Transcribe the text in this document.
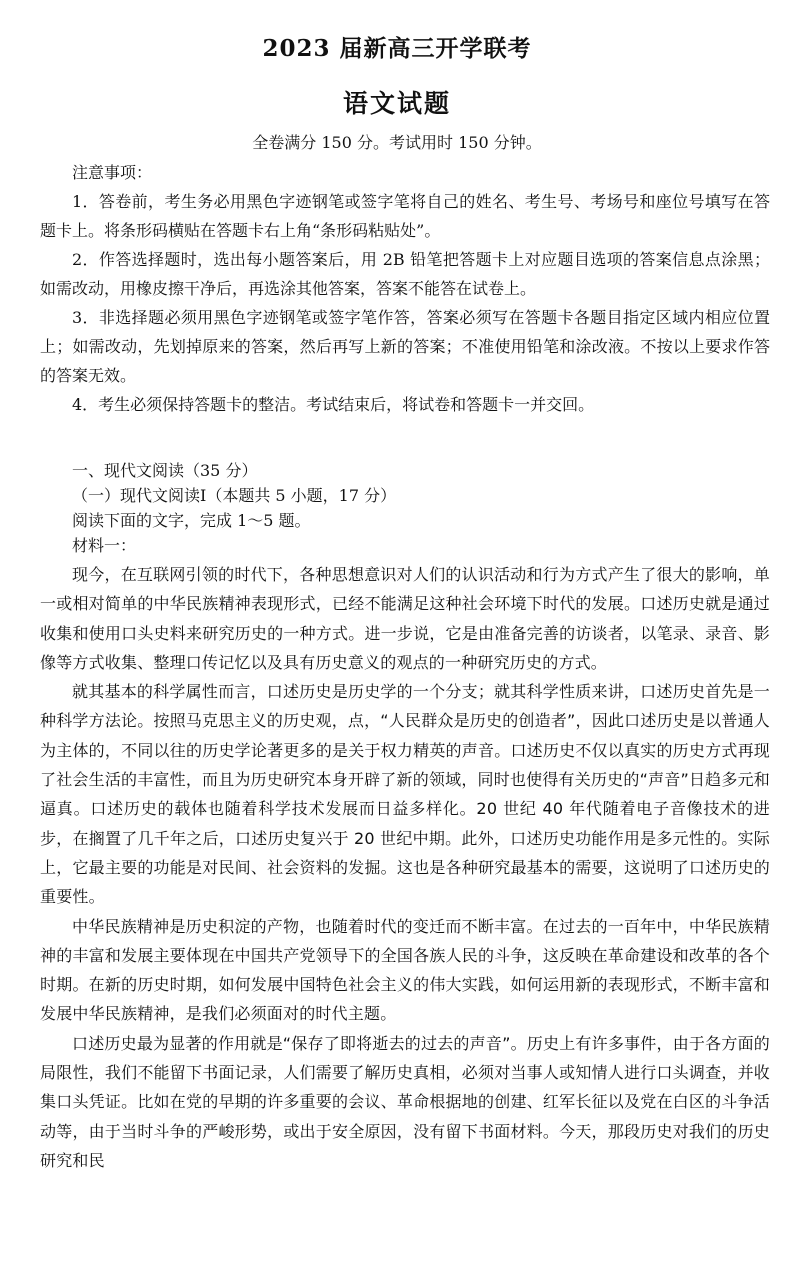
2023 届新高三开学联考
语文试题
全卷满分 150 分。考试用时 150 分钟。

注意事项：

1．答卷前，考生务必用黑色字迹钢笔或签字笔将自己的姓名、考生号、考场号和座位号填写在答题卡上。将条形码横贴在答题卡右上角“条形码粘贴处”。

2．作答选择题时，选出每小题答案后，用 2B 铅笔把答题卡上对应题目选项的答案信息点涂黑；如需改动，用橡皮擦干净后，再选涂其他答案，答案不能答在试卷上。

3．非选择题必须用黑色字迹钢笔或签字笔作答，答案必须写在答题卡各题目指定区域内相应位置上；如需改动，先划掉原来的答案，然后再写上新的答案；不准使用铅笔和涂改液。不按以上要求作答的答案无效。

4．考生必须保持答题卡的整洁。考试结束后，将试卷和答题卡一并交回。

一、现代文阅读（35 分）

（一）现代文阅读Ⅰ（本题共 5 小题，17 分）

阅读下面的文字，完成 1～5 题。

材料一：

现今，在互联网引领的时代下，各种思想意识对人们的认识活动和行为方式产生了很大的影响，单一或相对简单的中华民族精神表现形式，已经不能满足这种社会环境下时代的发展。口述历史就是通过收集和使用口头史料来研究历史的一种方式。进一步说，它是由准备完善的访谈者，以笔录、录音、影像等方式收集、整理口传记忆以及具有历史意义的观点的一种研究历史的方式。

就其基本的科学属性而言，口述历史是历史学的一个分支；就其科学性质来讲，口述历史首先是一种科学方法论。按照马克思主义的历史观，点，“人民群众是历史的创造者”，因此口述历史是以普通人为主体的，不同以往的历史学论著更多的是关于权力精英的声音。口述历史不仅以真实的历史方式再现了社会生活的丰富性，而且为历史研究本身开辟了新的领域，同时也使得有关历史的“声音”日趋多元和逼真。口述历史的载体也随着科学技术发展而日益多样化。20 世纪 40 年代随着电子音像技术的进步，在搁置了几千年之后，口述历史复兴于 20 世纪中期。此外，口述历史功能作用是多元性的。实际上，它最主要的功能是对民间、社会资料的发掘。这也是各种研究最基本的需要，这说明了口述历史的重要性。

中华民族精神是历史积淀的产物，也随着时代的变迁而不断丰富。在过去的一百年中，中华民族精神的丰富和发展主要体现在中国共产党领导下的全国各族人民的斗争，这反映在革命建设和改革的各个时期。在新的历史时期，如何发展中国特色社会主义的伟大实践，如何运用新的表现形式，不断丰富和发展中华民族精神，是我们必须面对的时代主题。

口述历史最为显著的作用就是“保存了即将逝去的过去的声音”。历史上有许多事件，由于各方面的局限性，我们不能留下书面记录，人们需要了解历史真相，必须对当事人或知情人进行口头调查，并收集口头凭证。比如在党的早期的许多重要的会议、革命根据地的创建、红军长征以及党在白区的斗争活动等，由于当时斗争的严峻形势，或出于安全原因，没有留下书面材料。今天，那段历史对我们的历史研究和民
